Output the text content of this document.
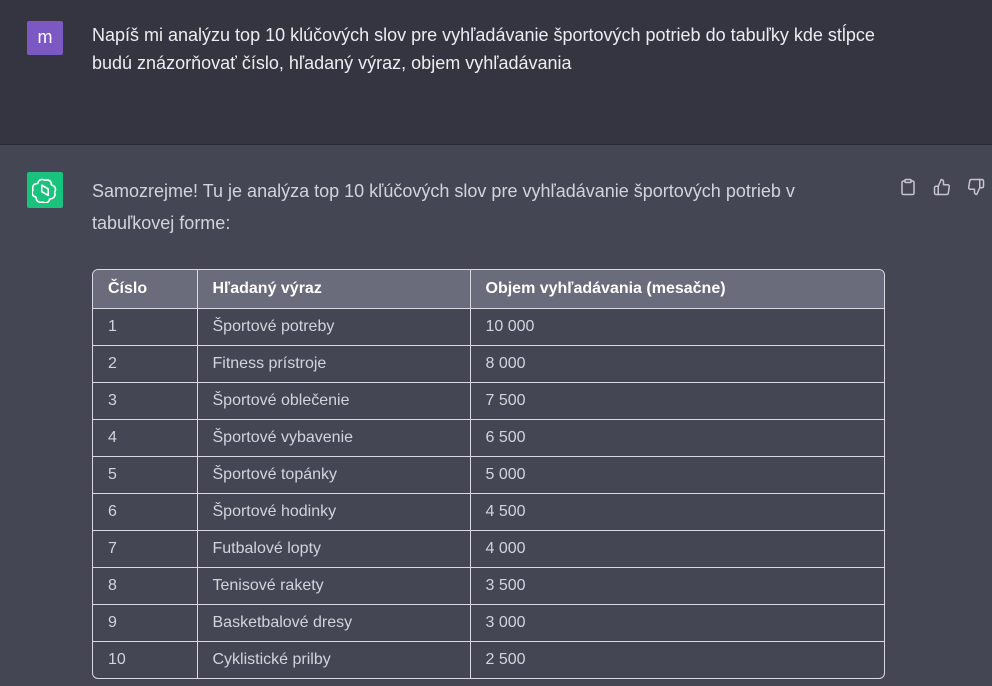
m	Napíš mi analýzu top 10 klúčových slov pre vyhľadávanie športových potrieb do tabuľky kde stĺpce budú znázorňovať číslo, hľadaný výraz, objem vyhľadávania
Samozrejme! Tu je analýza top 10 kľúčových slov pre vyhľadávanie športových potrieb v tabuľkovej forme:
Číslo	Hľadaný výraz	Objem vyhľadávania (mesačne)
1	Športové potreby	10 000
2	Fitness prístroje	8 000
3	Športové oblečenie	7 500
4	Športové vybavenie	6 500
5	Športové topánky	5 000
6	Športové hodinky	4 500
7	Futbalové lopty	4 000
8	Tenisové rakety	3 500
9	Basketbalové dresy	3 000
10	Cyklistické prilby	2 500
